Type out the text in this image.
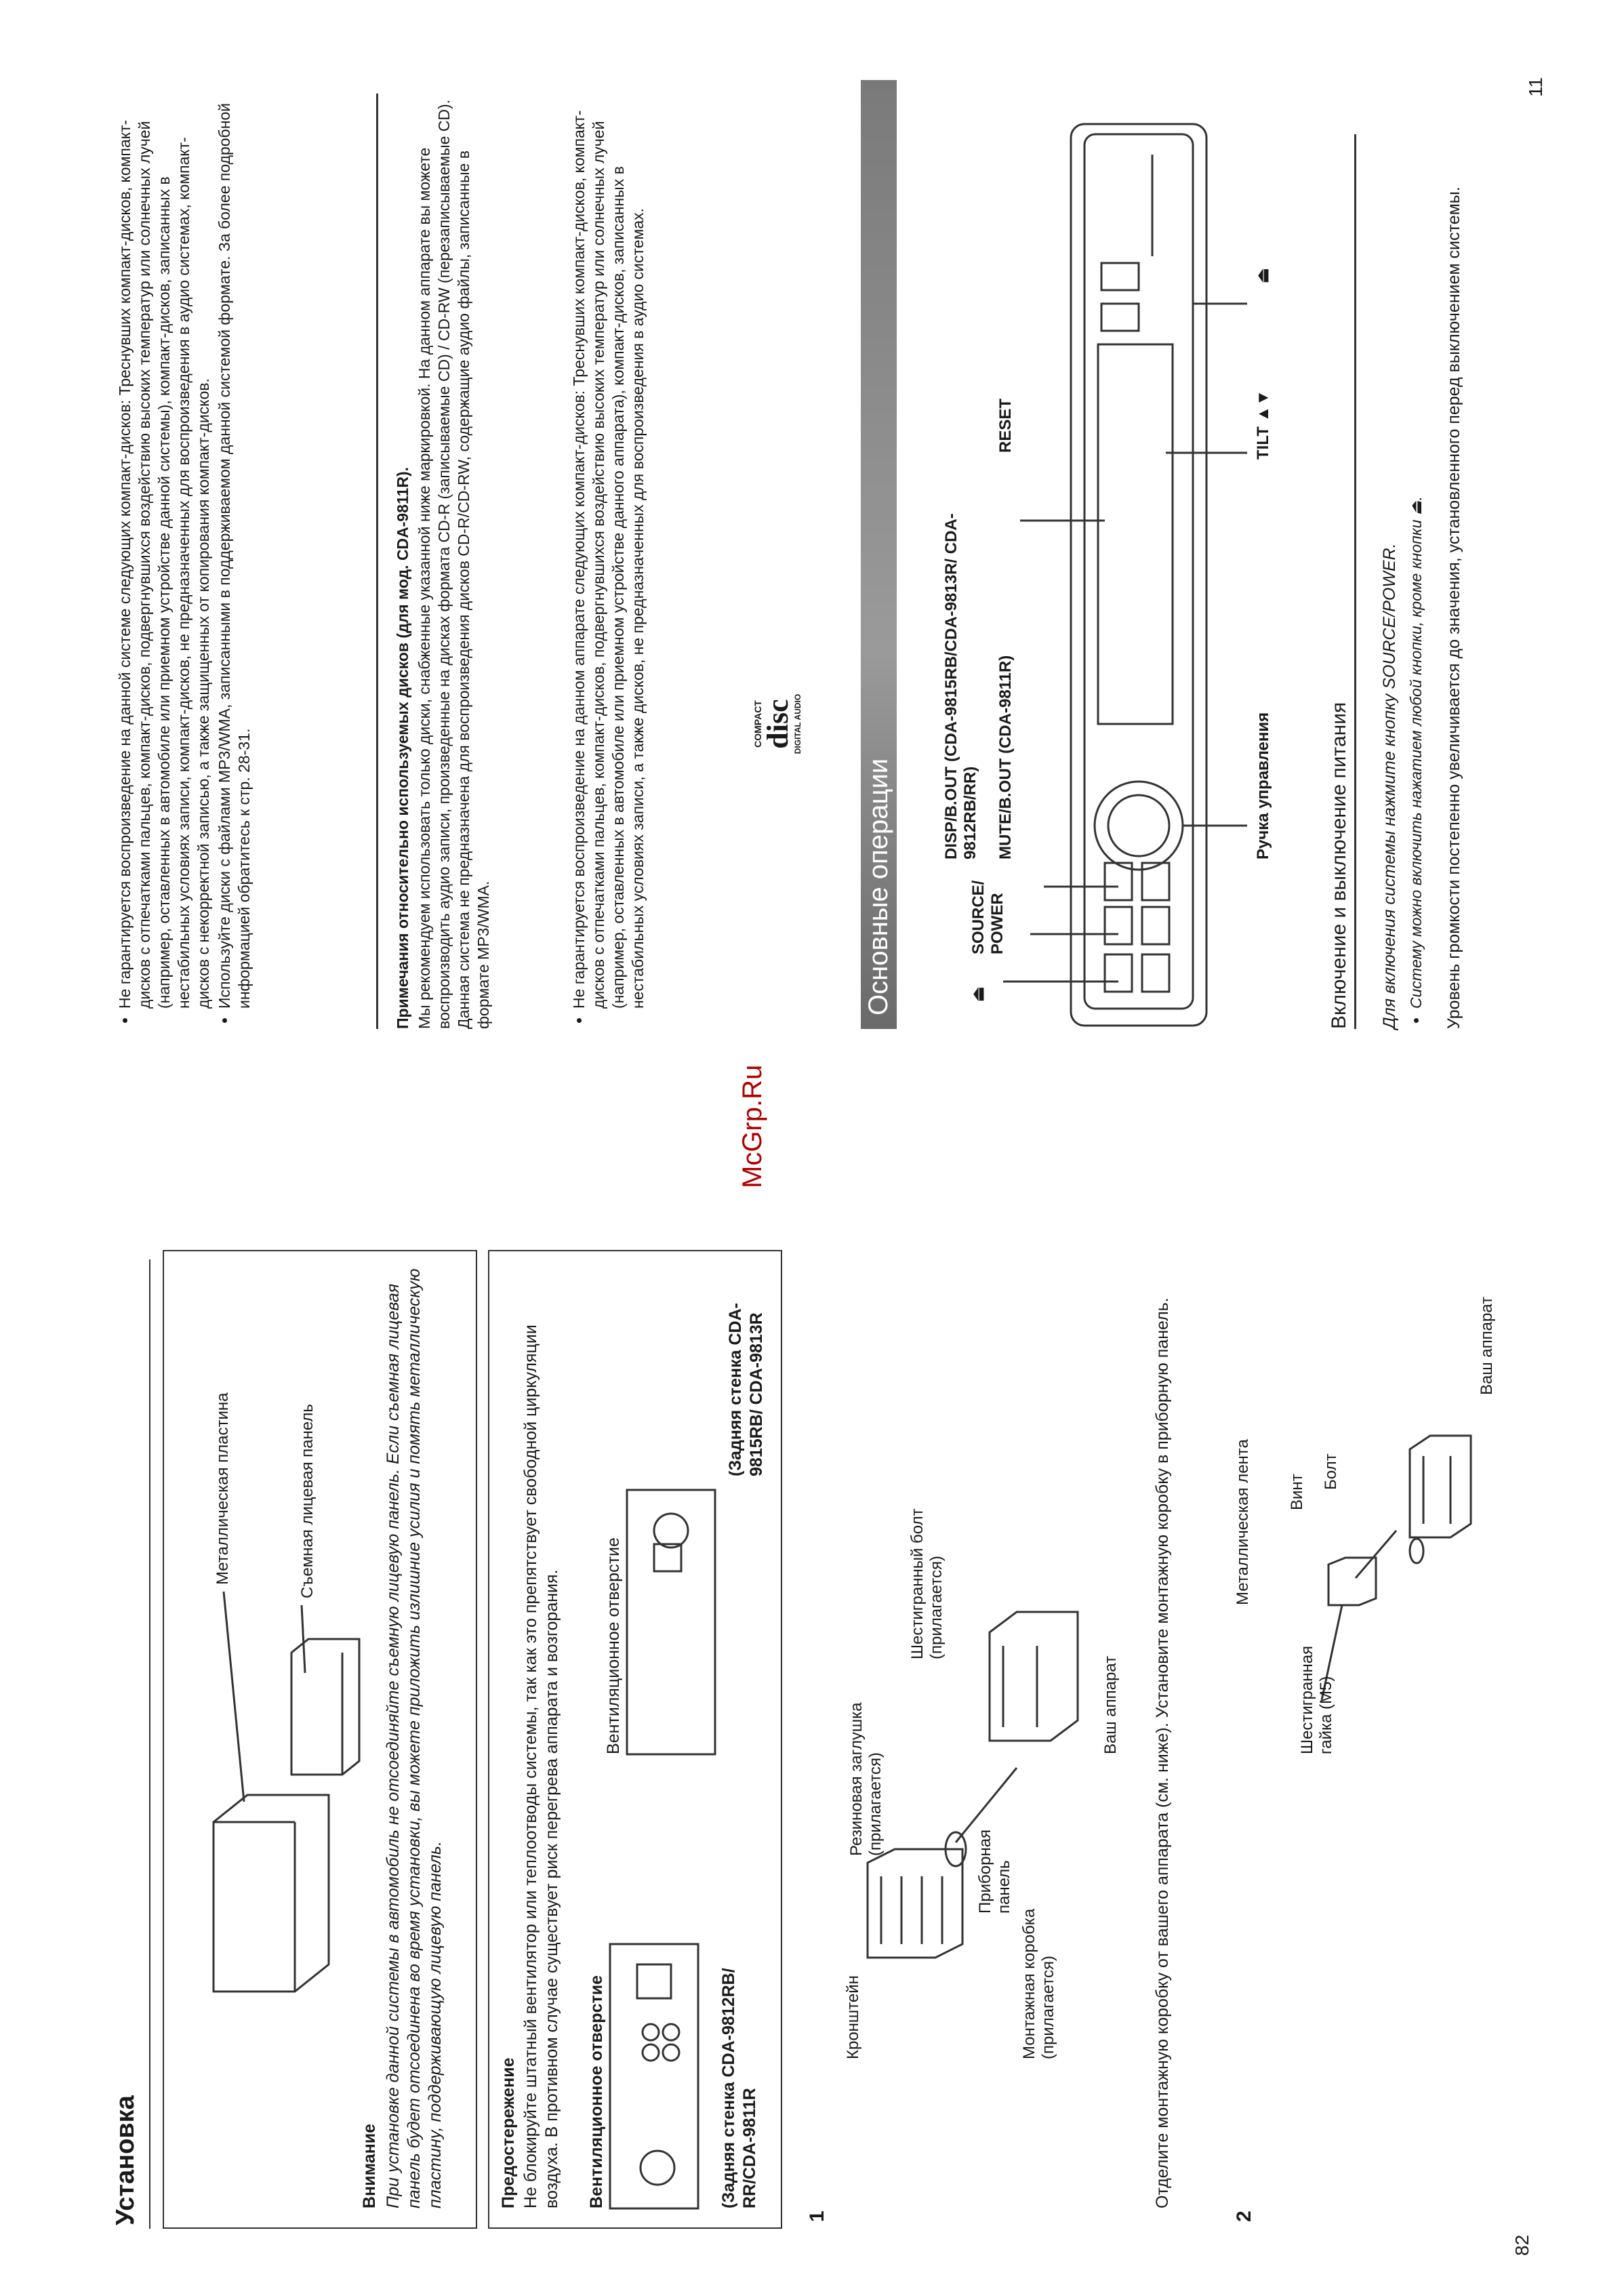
82
11
McGrp.Ru
Установка	Внимание При установке данной системы в автомобиль не отсоединяйте съемную лицевую панель. Если съемная лицевая панель будет отсоединена во время установки, вы можете приложить излишние усилия и помять металлическую пластину, поддерживающую лицевую панель.
Металлическая пластина	Съемная лицевая панель
Предостережение Не блокируйте штатный вентилятор или теплоотводы системы, так как это препятствует свободной циркуляции воздуха. В противном случае существует риск перегрева аппарата и возгорания. Вентиляционное отверстие
Вентиляционное отверстие
(Задняя стенка CDA-9812RB/ RR/CDA-9811R
(Задняя стенка CDA-9815RB/ CDA-9813R
1
Кронштейн	Монтажная коробка (прилагается)
Приборная панель
Резиновая заглушка (прилагается)
Шестигранный болт (прилагается)
Ваш аппарат Отделите монтажную коробку от вашего аппарата (см. ниже). Установите монтажную коробку в приборную панель.
2
Металлическая лента Винт
Болт
Шестигранная гайка (М5)
Ваш аппарат
• Не гарантируется воспроизведение на данной системе следующих компакт-дисков: Треснувших компакт-дисков, компакт-дисков с отпечатками пальцев, компакт-дисков, подвергнувшихся воздействию высоких температур или солнечных лучей (например, оставленных в автомобиле или приемном устройстве данной системы), компакт-дисков, записанных в нестабильных условиях записи, компакт-дисков, не предназначенных для воспроизведения в аудио системах, компакт-дисков с некорректной записью, а также защищенных от копирования компакт-дисков. • Используйте диски с файлами MP3/WMA, записанными в поддерживаемом данной системой формате. За более подробной информацией обратитесь к стр. 28-31.	Примечания относительно используемых дисков (для мод. CDA-9811R). Мы рекомендуем использовать только диски, снабженные указанной ниже маркировкой. На данном аппарате вы можете воспроизводить аудио записи, произведенные на дисках формата CD-R (записываемые CD) / CD-RW (перезаписываемые CD). Данная система не предназначена для воспроизведения дисков CD-R/CD-RW, содержащие аудио файлы, записанные в формате MP3/WMA.	• Не гарантируется воспроизведение на данном аппарате следующих компакт-дисков: Треснувших компакт-дисков, компакт-дисков с отпечатками пальцев, компакт-дисков, подвергнувшихся воздействию высоких температур или солнечных лучей (например, оставленных в автомобиле или приемном устройстве данного аппарата), компакт-дисков, записанных в нестабильных условиях записи, а также дисков, не предназначенных для воспроизведения в аудио системах.	COMPACT
disc
DIGITAL AUDIO
Основные операции	⏏
SOURCE/ POWER
DISP/B.OUT (CDA-9815RB/CDA-9813R/ CDA-9812RB/RR) MUTE/B.OUT (CDA-9811R)
RESET
Ручка управления
TILT ▲▼
⏏
Включение и выключение питания Для включения системы нажмите кнопку SOURCE/POWER. • Систему можно включить нажатием любой кнопки, кроме кнопки ⏏. Уровень громкости постепенно увеличивается до значения, установленного перед выключением системы.
